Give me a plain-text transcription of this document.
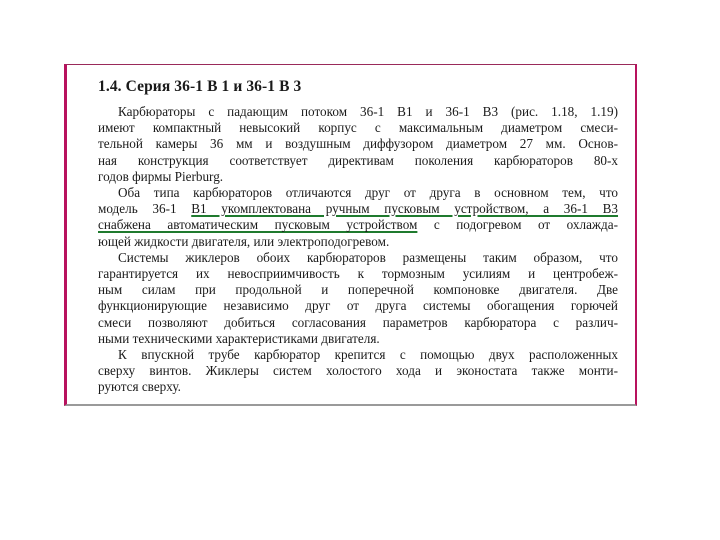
1.4. Серия 36-1 В 1 и 36-1 В 3

Карбюраторы с падающим потоком 36-1 В1 и 36-1 В3 (рис. 1.18, 1.19)
имеют компактный невысокий корпус с максимальным диаметром смеси-
тельной камеры 36 мм и воздушным диффузором диаметром 27 мм. Основ-
ная конструкция соответствует директивам поколения карбюраторов 80-х
годов фирмы Pierburg.

Оба типа карбюраторов отличаются друг от друга в основном тем, что
модель 36-1 В1 укомплектована ручным пусковым устройством, а 36-1 В3
снабжена автоматическим пусковым устройством с подогревом от охлажда-
ющей жидкости двигателя, или электроподогревом.

Системы жиклеров обоих карбюраторов размещены таким образом, что
гарантируется их невосприимчивость к тормозным усилиям и центробеж-
ным силам при продольной и поперечной компоновке двигателя. Две
функционирующие независимо друг от друга системы обогащения горючей
смеси позволяют добиться согласования параметров карбюратора с различ-
ными техническими характеристиками двигателя.

К впускной трубе карбюратор крепится с помощью двух расположенных
сверху винтов. Жиклеры систем холостого хода и эконостата также монти-
руются сверху.
